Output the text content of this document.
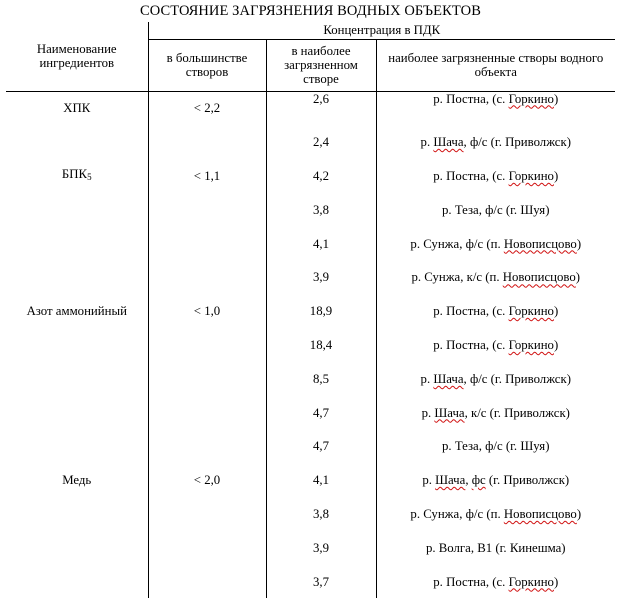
СОСТОЯНИЕ ЗАГРЯЗНЕНИЯ ВОДНЫХ ОБЪЕКТОВ
Наименование ингредиентов	Концентрация в ПДК		
	в большинстве створов	в наиболее загрязненном створе	наиболее загрязненные створы водного объекта
ХПК	< 2,2	2,6	р. Постна, (с. Горкино)
		2,4	р. Шача, ф/с (г. Приволжск)
$БПК_5$	< 1,1	4,2	р. Постна, (с. Горкино)
		3,8	р. Теза, ф/с (г. Шуя)
		4,1	р. Сунжа, ф/с (п. Новописцово)
		3,9	р. Сунжа, к/с (п. Новописцово)
Азот аммонийный	< 1,0	18,9	р. Постна, (с. Горкино)
		18,4	р. Постна, (с. Горкино)
		8,5	р. Шача, ф/с (г. Приволжск)
		4,7	р. Шача, к/с (г. Приволжск)
		4,7	р. Теза, ф/с (г. Шуя)
Медь	< 2,0	4,1	р. Шача, фс (г. Приволжск)
		3,8	р. Сунжа, ф/с (п. Новописцово)
		3,9	р. Волга, В1 (г. Кинешма)
		3,7	р. Постна, (с. Горкино)
